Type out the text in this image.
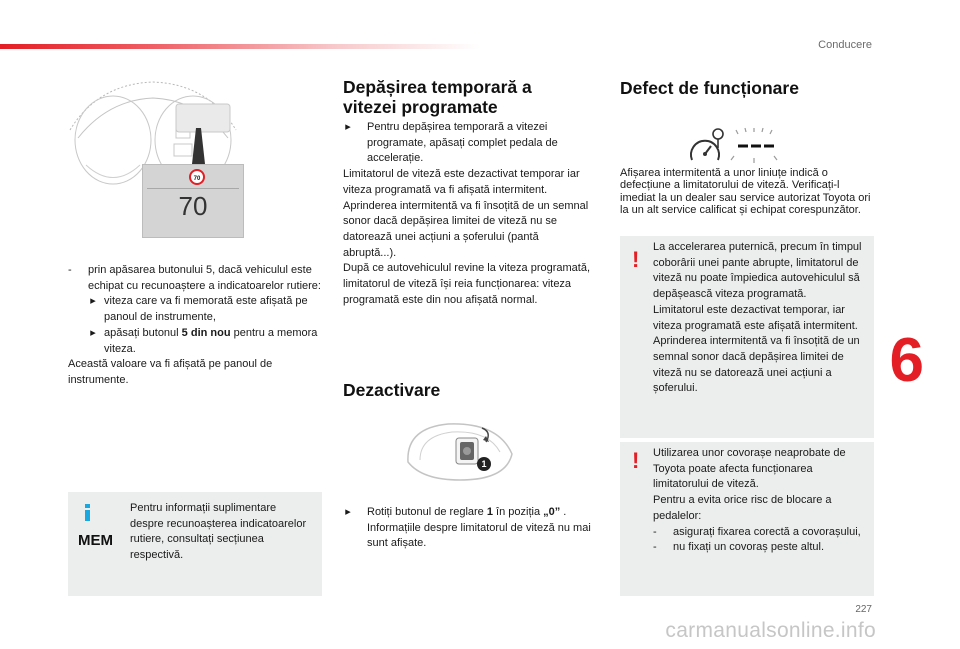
Conducere
70
70
- prin apăsarea butonului 5, dacă vehiculul este echipat cu recunoaștere a indicatoarelor rutiere:
▸ viteza care va fi memorată este afișată pe panoul de instrumente,
▸ apăsați butonul 5 din nou pentru a memora viteza.
Această valoare va fi afișată pe panoul de instrumente.
MEM
Pentru informații suplimentare despre recunoașterea indicatoarelor rutiere, consultați secțiunea respectivă.
Depășirea temporară a vitezei programate
▸ Pentru depășirea temporară a vitezei programate, apăsați complet pedala de accelerație.
Limitatorul de viteză este dezactivat temporar iar viteza programată va fi afișată intermitent.
Aprinderea intermitentă va fi însoțită de un semnal sonor dacă depășirea limitei de viteză nu se datorează unei acțiuni a șoferului (pantă abruptă...).
După ce autovehiculul revine la viteza programată, limitatorul de viteză își reia funcționarea: viteza programată este din nou afișată normal.
Dezactivare
1
▸ Rotiți butonul de reglare 1 în poziția „0” . Informațiile despre limitatorul de viteză nu mai sunt afișate.
Defect de funcționare
Afișarea intermitentă a unor liniuțe indică o defecțiune a limitatorului de viteză. Verificați-l imediat la un dealer sau service autorizat Toyota ori la un alt service calificat și echipat corespunzător.
! La accelerarea puternică, precum în timpul coborârii unei pante abrupte, limitatorul de viteză nu poate împiedica autovehiculul să depășească viteza programată.
Limitatorul este dezactivat temporar, iar viteza programată este afișată intermitent.
Aprinderea intermitentă va fi însoțită de un semnal sonor dacă depășirea limitei de viteză nu se datorează unei acțiuni a șoferului.
! Utilizarea unor covorașe neaprobate de Toyota poate afecta funcționarea limitatorului de viteză.
Pentru a evita orice risc de blocare a pedalelor:
- asigurați fixarea corectă a covorașului,
- nu fixați un covoraș peste altul.
6
227
carmanualsonline.info
